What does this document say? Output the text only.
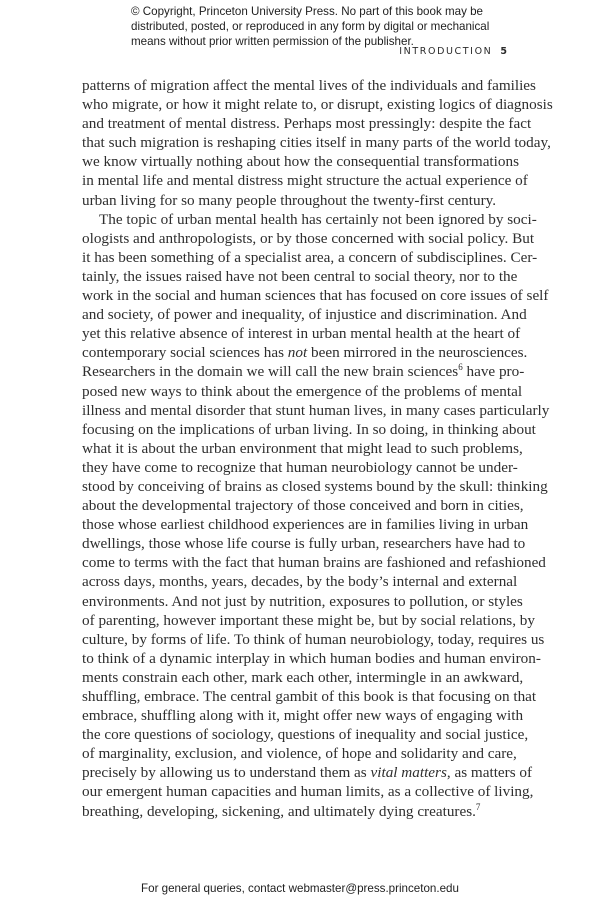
© Copyright, Princeton University Press. No part of this book may be
distributed, posted, or reproduced in any form by digital or mechanical
means without prior written permission of the publisher.
INTRODUCTION 5
patterns of migration affect the mental lives of the individuals and families
who migrate, or how it might relate to, or disrupt, existing logics of diagnosis
and treatment of mental distress. Perhaps most pressingly: despite the fact
that such migration is reshaping cities itself in many parts of the world today,
we know virtually nothing about how the consequential transformations
in mental life and mental distress might structure the actual experience of
urban living for so many people throughout the twenty-first century.
The topic of urban mental health has certainly not been ignored by soci-
ologists and anthropologists, or by those concerned with social policy. But
it has been something of a specialist area, a concern of subdisciplines. Cer-
tainly, the issues raised have not been central to social theory, nor to the
work in the social and human sciences that has focused on core issues of self
and society, of power and inequality, of injustice and discrimination. And
yet this relative absence of interest in urban mental health at the heart of
contemporary social sciences has not been mirrored in the neurosciences.
Researchers in the domain we will call the new brain sciences$^6$ have pro-
posed new ways to think about the emergence of the problems of mental
illness and mental disorder that stunt human lives, in many cases particularly
focusing on the implications of urban living. In so doing, in thinking about
what it is about the urban environment that might lead to such problems,
they have come to recognize that human neurobiology cannot be under-
stood by conceiving of brains as closed systems bound by the skull: thinking
about the developmental trajectory of those conceived and born in cities,
those whose earliest childhood experiences are in families living in urban
dwellings, those whose life course is fully urban, researchers have had to
come to terms with the fact that human brains are fashioned and refashioned
across days, months, years, decades, by the body’s internal and external
environments. And not just by nutrition, exposures to pollution, or styles
of parenting, however important these might be, but by social relations, by
culture, by forms of life. To think of human neurobiology, today, requires us
to think of a dynamic interplay in which human bodies and human environ-
ments constrain each other, mark each other, intermingle in an awkward,
shuffling, embrace. The central gambit of this book is that focusing on that
embrace, shuffling along with it, might offer new ways of engaging with
the core questions of sociology, questions of inequality and social justice,
of marginality, exclusion, and violence, of hope and solidarity and care,
precisely by allowing us to understand them as vital matters, as matters of
our emergent human capacities and human limits, as a collective of living,
breathing, developing, sickening, and ultimately dying creatures.$^7$
For general queries, contact webmaster@press.princeton.edu
